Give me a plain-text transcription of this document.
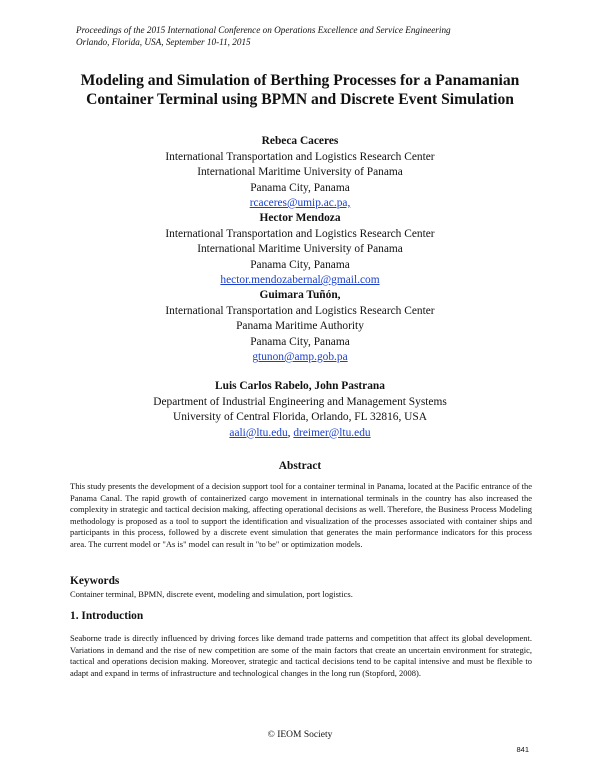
Proceedings of the 2015 International Conference on Operations Excellence and Service Engineering
Orlando, Florida, USA, September 10-11, 2015
Modeling and Simulation of Berthing Processes for a Panamanian
Container Terminal using BPMN and Discrete Event Simulation
Rebeca Caceres
International Transportation and Logistics Research Center
International Maritime University of Panama
Panama City, Panama
rcaceres@umip.ac.pa,
Hector Mendoza
International Transportation and Logistics Research Center
International Maritime University of Panama
Panama City, Panama
hector.mendozabernal@gmail.com
Guimara Tuñón,
International Transportation and Logistics Research Center
Panama Maritime Authority
Panama City, Panama
gtunon@amp.gob.pa
Luis Carlos Rabelo, John Pastrana
Department of Industrial Engineering and Management Systems
University of Central Florida, Orlando, FL 32816, USA
aali@ltu.edu, dreimer@ltu.edu
Abstract
This study presents the development of a decision support tool for a container terminal in Panama, located at the Pacific entrance of the Panama Canal. The rapid growth of containerized cargo movement in international terminals in the country has also increased the complexity in strategic and tactical decision making, affecting operational decisions as well. Therefore, the Business Process Modeling methodology is proposed as a tool to support the identification and visualization of the processes associated with container ships and participants in this process, followed by a discrete event simulation that generates the main performance indicators for this process area. The current model or "As is" model can result in "to be" or optimization models.
Keywords
Container terminal, BPMN, discrete event, modeling and simulation, port logistics.
1. Introduction
Seaborne trade is directly influenced by driving forces like demand trade patterns and competition that affect its global development. Variations in demand and the rise of new competition are some of the main factors that create an uncertain environment for strategic, tactical and operations decision making. Moreover, strategic and tactical decisions tend to be capital intensive and must be flexible to adapt and expand in terms of infrastructure and technological changes in the long run (Stopford, 2008).
© IEOM Society
841
